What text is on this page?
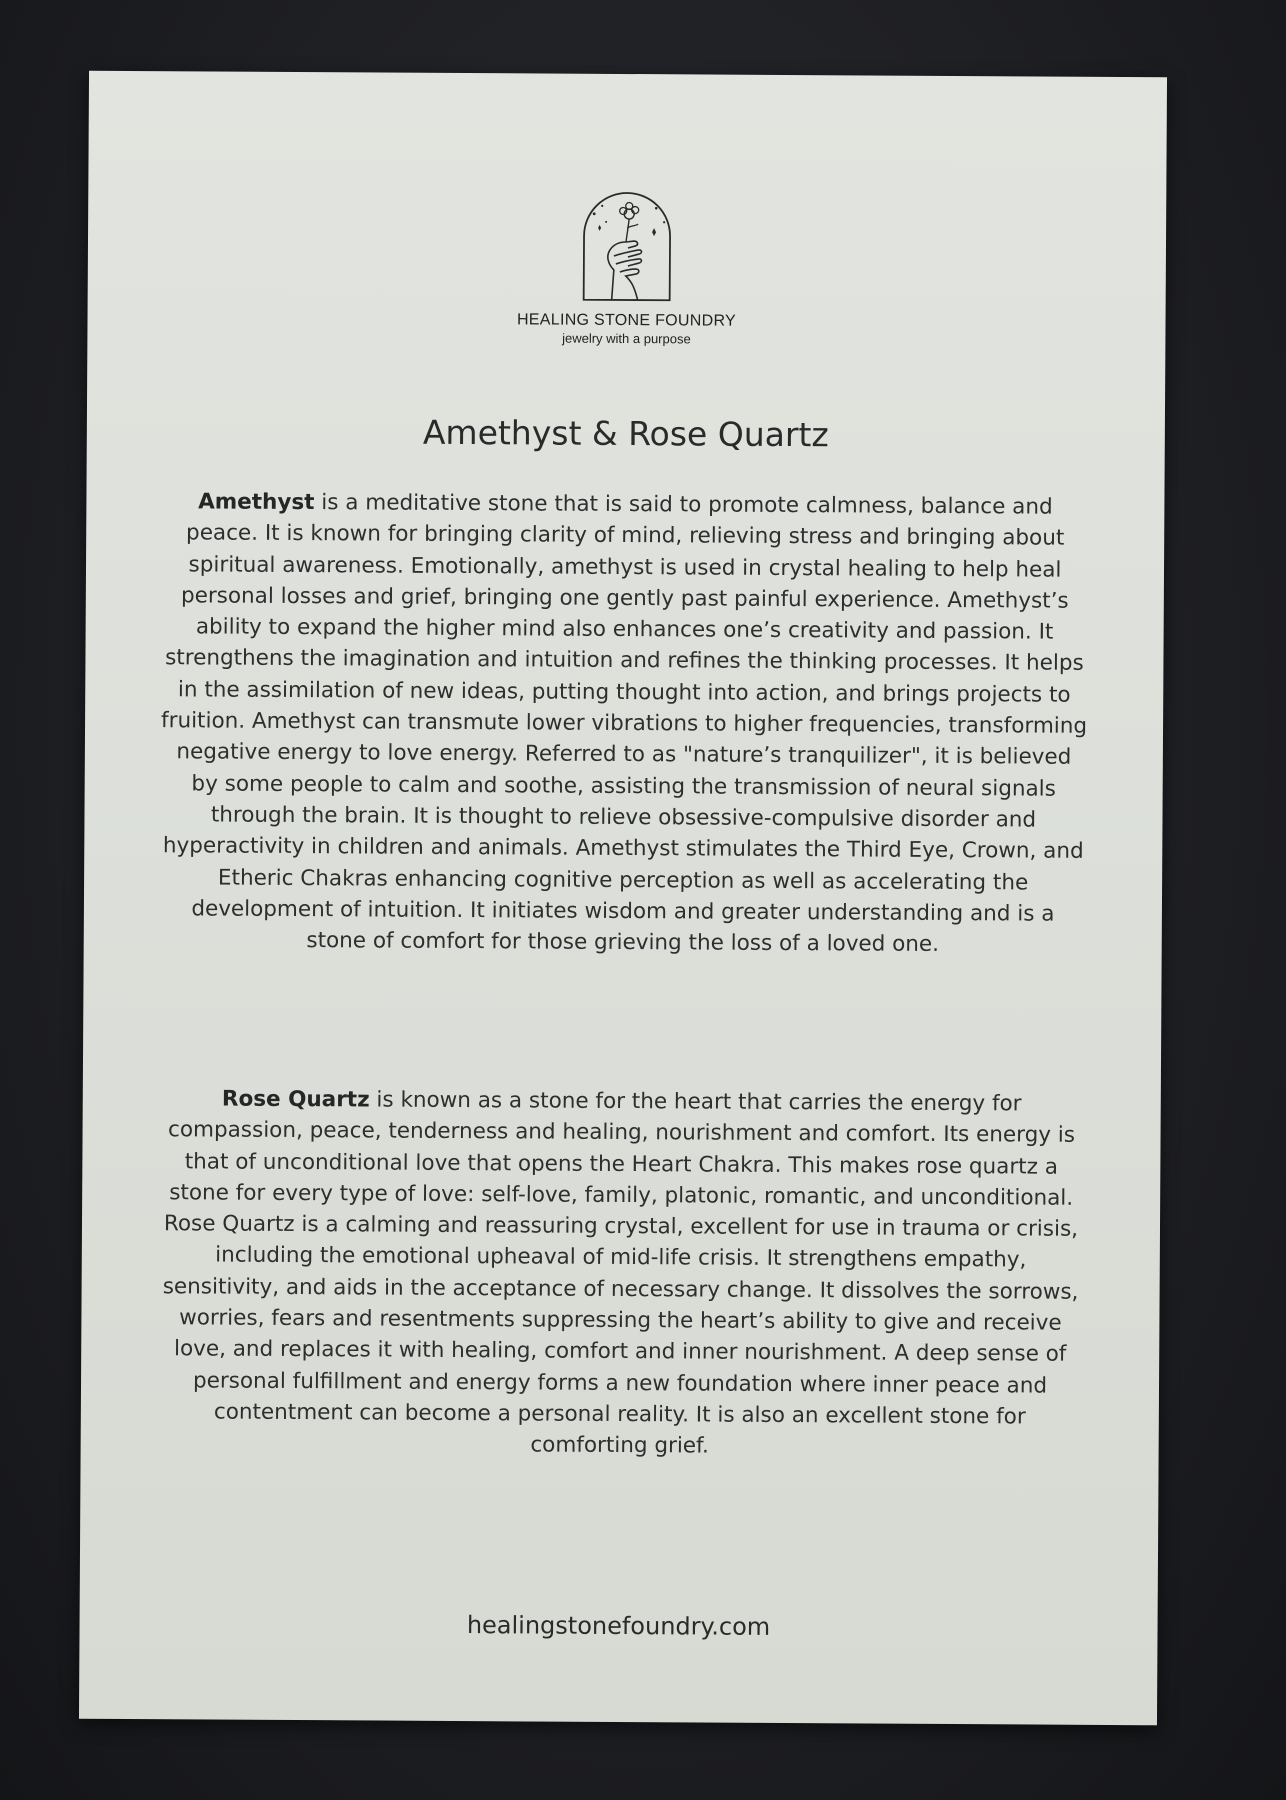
HEALING STONE FOUNDRY
jewelry with a purpose
Amethyst & Rose Quartz
Amethyst is a meditative stone that is said to promote calmness, balance and peace. It is known for bringing clarity of mind, relieving stress and bringing about spiritual awareness. Emotionally, amethyst is used in crystal healing to help heal personal losses and grief, bringing one gently past painful experience. Amethyst’s ability to expand the higher mind also enhances one’s creativity and passion. It strengthens the imagination and intuition and refines the thinking processes. It helps in the assimilation of new ideas, putting thought into action, and brings projects to fruition. Amethyst can transmute lower vibrations to higher frequencies, transforming negative energy to love energy. Referred to as "nature’s tranquilizer", it is believed by some people to calm and soothe, assisting the transmission of neural signals through the brain. It is thought to relieve obsessive-compulsive disorder and hyperactivity in children and animals. Amethyst stimulates the Third Eye, Crown, and Etheric Chakras enhancing cognitive perception as well as accelerating the development of intuition. It initiates wisdom and greater understanding and is a stone of comfort for those grieving the loss of a loved one.
Rose Quartz is known as a stone for the heart that carries the energy for compassion, peace, tenderness and healing, nourishment and comfort. Its energy is that of unconditional love that opens the Heart Chakra. This makes rose quartz a stone for every type of love: self-love, family, platonic, romantic, and unconditional. Rose Quartz is a calming and reassuring crystal, excellent for use in trauma or crisis, including the emotional upheaval of mid-life crisis. It strengthens empathy, sensitivity, and aids in the acceptance of necessary change. It dissolves the sorrows, worries, fears and resentments suppressing the heart’s ability to give and receive love, and replaces it with healing, comfort and inner nourishment. A deep sense of personal fulfillment and energy forms a new foundation where inner peace and contentment can become a personal reality. It is also an excellent stone for comforting grief.
healingstonefoundry.com
